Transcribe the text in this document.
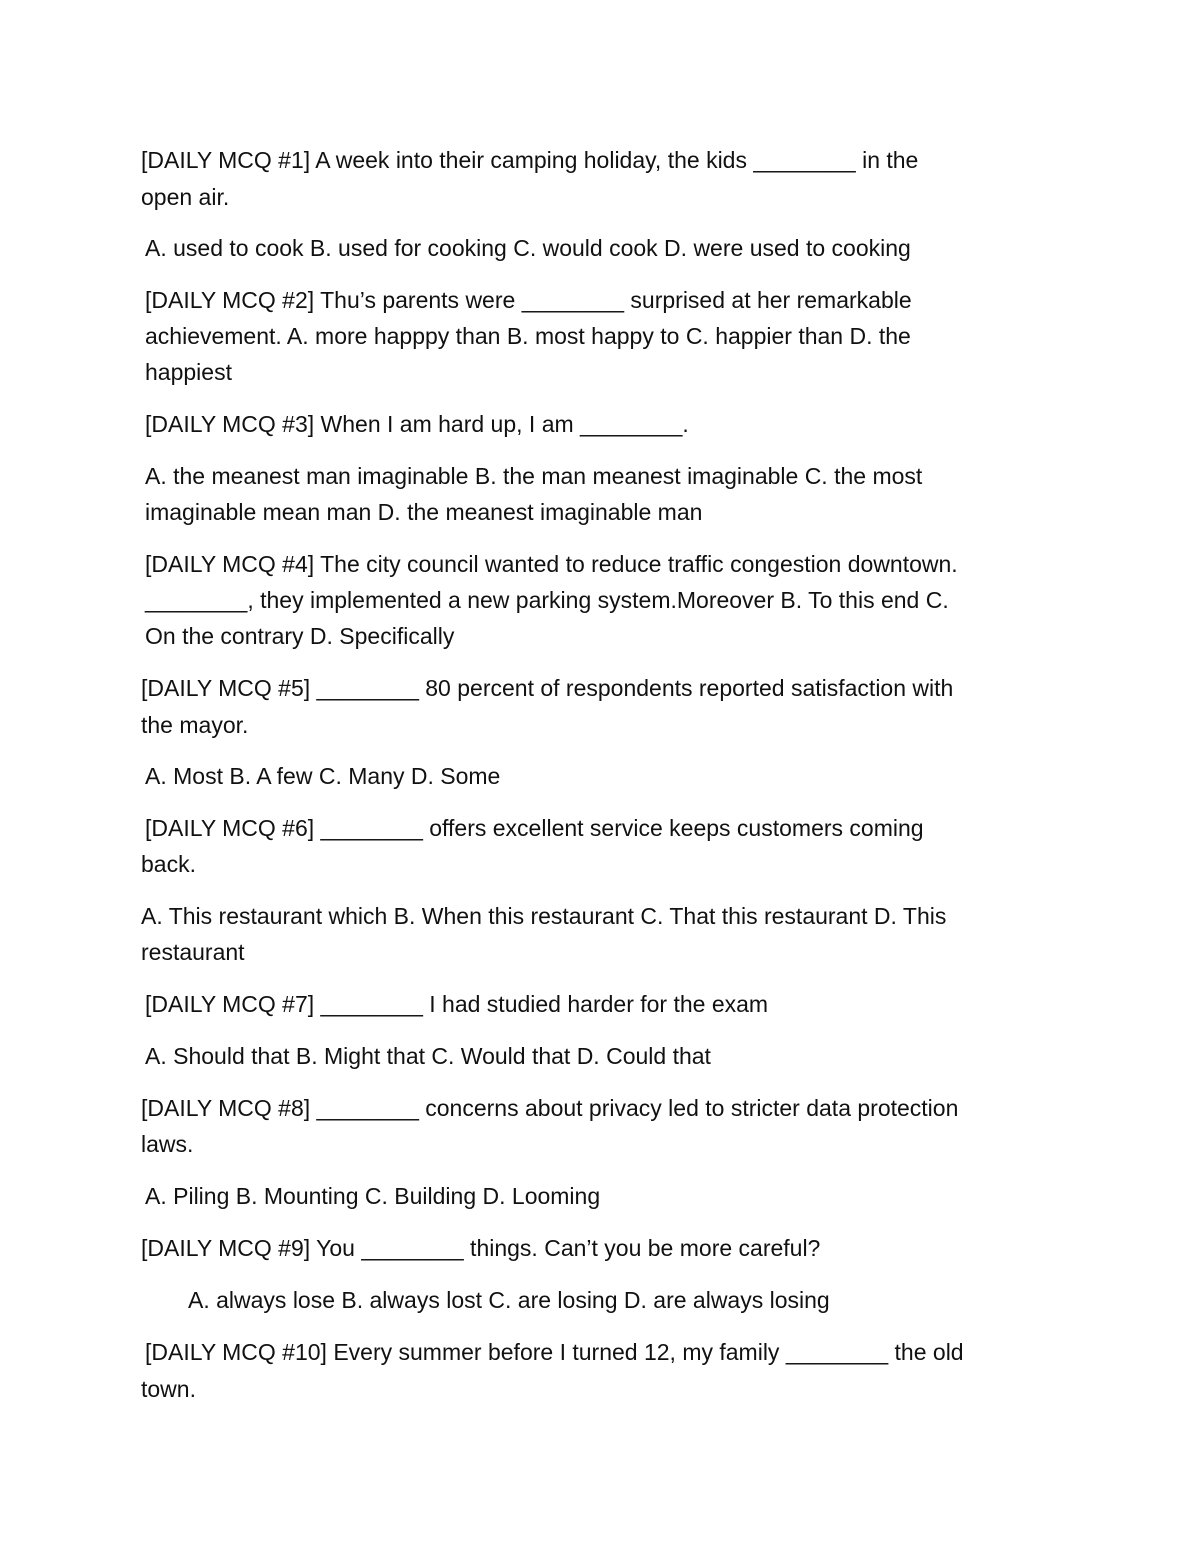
[DAILY MCQ #1] A week into their camping holiday, the kids ________ in the
open air.
A. used to cook B. used for cooking C. would cook D. were used to cooking
[DAILY MCQ #2] Thu’s parents were ________ surprised at her remarkable
achievement. A. more happpy than B. most happy to C. happier than D. the
happiest
[DAILY MCQ #3] When I am hard up, I am ________.
A. the meanest man imaginable B. the man meanest imaginable C. the most
imaginable mean man D. the meanest imaginable man
[DAILY MCQ #4] The city council wanted to reduce traffic congestion downtown.
________, they implemented a new parking system.Moreover B. To this end C.
On the contrary D. Specifically
[DAILY MCQ #5] ________ 80 percent of respondents reported satisfaction with
the mayor.
A. Most B. A few C. Many D. Some
[DAILY MCQ #6] ________ offers excellent service keeps customers coming
back.
A. This restaurant which B. When this restaurant C. That this restaurant D. This
restaurant
[DAILY MCQ #7] ________ I had studied harder for the exam
A. Should that B. Might that C. Would that D. Could that
[DAILY MCQ #8] ________ concerns about privacy led to stricter data protection
laws.
A. Piling B. Mounting C. Building D. Looming
[DAILY MCQ #9] You ________ things. Can’t you be more careful?
A. always lose B. always lost C. are losing D. are always losing
[DAILY MCQ #10] Every summer before I turned 12, my family ________ the old
town.
